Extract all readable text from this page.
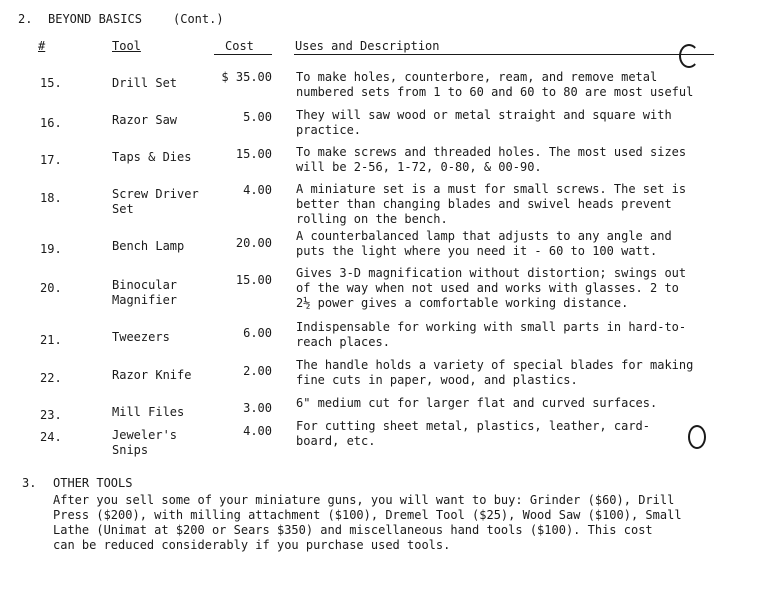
2. BEYOND BASICS	(Cont.)
#	Tool	Cost	Uses and Description
15.	Drill Set	$ 35.00 To make holes, counterbore, ream, and remove metal
numbered sets from 1 to 60 and 60 to 80 are most useful
16.	Razor Saw	5.00 They will saw wood or metal straight and square with
practice.
17.	Taps & Dies	15.00 To make screws and threaded holes. The most used sizes
will be 2-56, 1-72, 0-80, & 00-90.
18.	Screw Driver
Set
4.00 A miniature set is a must for small screws. The set is
better than changing blades and swivel heads prevent
rolling on the bench.
19.	Bench Lamp	20.00 A counterbalanced lamp that adjusts to any angle and
puts the light where you need it - 60 to 100 watt.
20.	Binocular
Magnifier
15.00 Gives 3-D magnification without distortion; swings out
of the way when not used and works with glasses. 2 to
2½ power gives a comfortable working distance.
21.	Tweezers	6.00 Indispensable for working with small parts in hard-to-
reach places.
22.	Razor Knife	2.00 The handle holds a variety of special blades for making
fine cuts in paper, wood, and plastics.
23.	Mill Files	3.00 6" medium cut for larger flat and curved surfaces.
24.	Jeweler's
Snips
4.00 For cutting sheet metal, plastics, leather, card-
board, etc.
3. OTHER TOOLS
After you sell some of your miniature guns, you will want to buy: Grinder ($60), Drill
Press ($200), with milling attachment ($100), Dremel Tool ($25), Wood Saw ($100), Small
Lathe (Unimat at $200 or Sears $350) and miscellaneous hand tools ($100). This cost
can be reduced considerably if you purchase used tools.
